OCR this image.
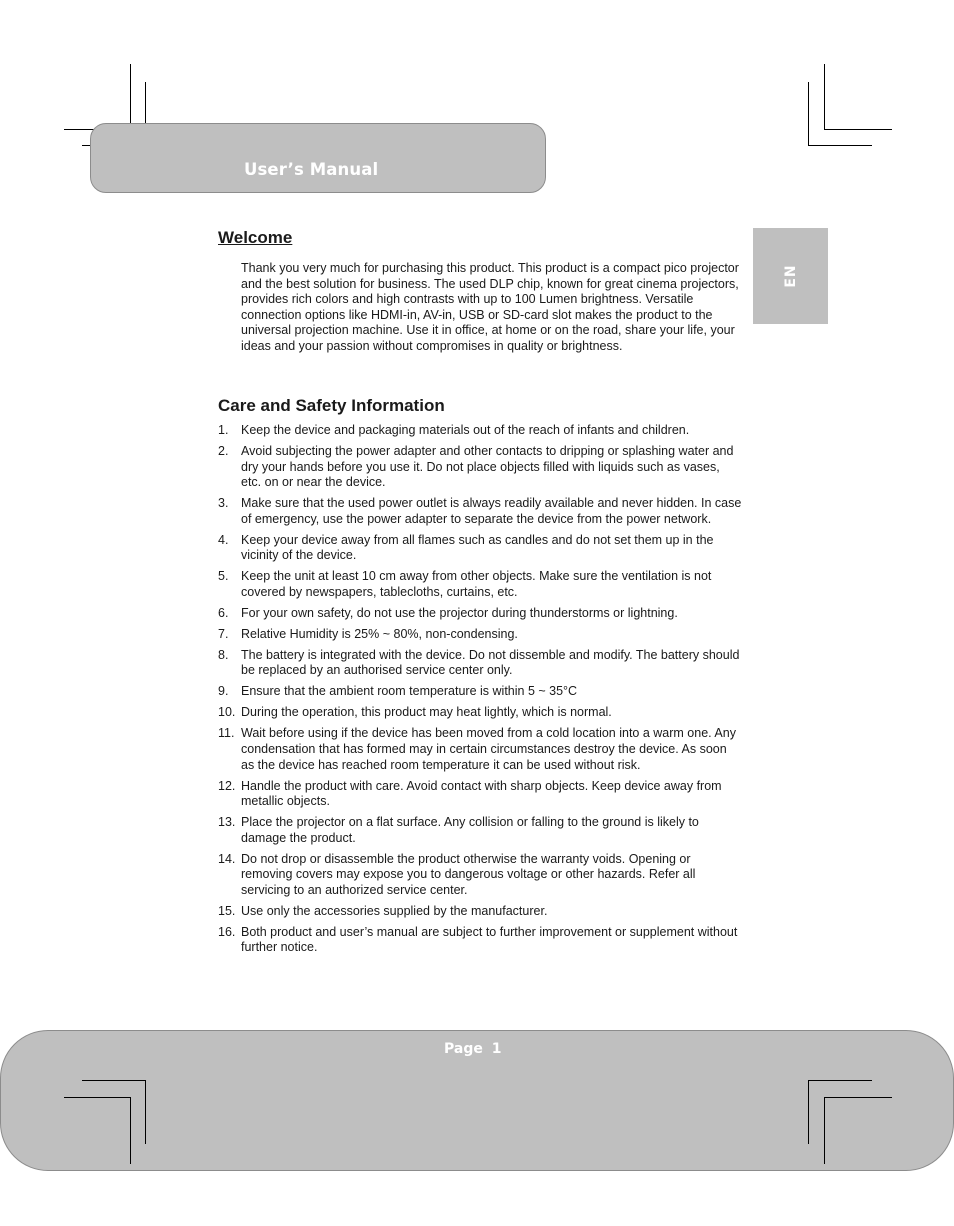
User’s Manual
EN
Welcome

Thank you very much for purchasing this product. This product is a compact pico projector and the best solution for business. The used DLP chip, known for great cinema projectors, provides rich colors and high contrasts with up to 100 Lumen brightness. Versatile connection options like HDMI-in, AV-in, USB or SD-card slot makes the product to the universal projection machine. Use it in office, at home or on the road, share your life, your ideas and your passion without compromises in quality or brightness.

Care and Safety Information
1. Keep the device and packaging materials out of the reach of infants and children.
2. Avoid subjecting the power adapter and other contacts to dripping or splashing water and dry your hands before you use it. Do not place objects filled with liquids such as vases, etc. on or near the device.
3. Make sure that the used power outlet is always readily available and never hidden. In case of emergency, use the power adapter to separate the device from the power network.
4. Keep your device away from all flames such as candles and do not set them up in the vicinity of the device.
5. Keep the unit at least 10 cm away from other objects. Make sure the ventilation is not covered by newspapers, tablecloths, curtains, etc.
6. For your own safety, do not use the projector during thunderstorms or lightning.
7. Relative Humidity is 25% ~ 80%, non-condensing.
8. The battery is integrated with the device. Do not dissemble and modify. The battery should be replaced by an authorised service center only.
9. Ensure that the ambient room temperature is within 5 ~ 35°C
10. During the operation, this product may heat lightly, which is normal.
11. Wait before using if the device has been moved from a cold location into a warm one. Any condensation that has formed may in certain circumstances destroy the device. As soon as the device has reached room temperature it can be used without risk.
12. Handle the product with care. Avoid contact with sharp objects. Keep device away from metallic objects.
13. Place the projector on a flat surface. Any collision or falling to the ground is likely to damage the product.
14. Do not drop or disassemble the product otherwise the warranty voids. Opening or removing covers may expose you to dangerous voltage or other hazards. Refer all servicing to an authorized service center.
15. Use only the accessories supplied by the manufacturer.
16. Both product and user’s manual are subject to further improvement or supplement without further notice.
Page 1
